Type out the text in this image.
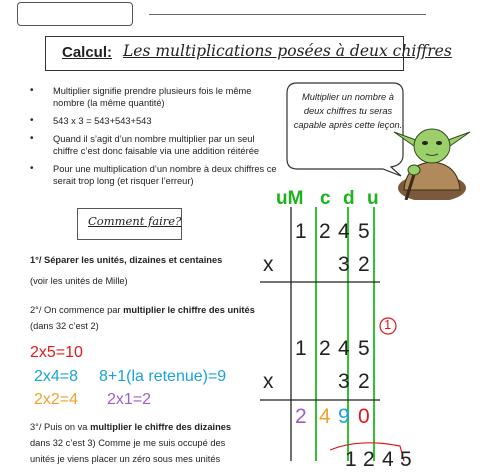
Calcul: Les multiplications posées à deux chiffres
• Multiplier signifie prendre plusieurs fois le même nombre (la même quantité)
• 543 x 3 = 543+543+543
• Quand il s’agit d’un nombre multiplier par un seul chiffre c’est donc faisable via une addition réitérée
• Pour une multiplication d’un nombre à deux chiffres ce serait trop long (et risquer l’erreur)
Multiplier un nombre à deux chiffres tu seras capable après cette leçon.
Comment faire?
1°/ Séparer les unités, dizaines et centaines
(voir les unités de Mille)
2°/ On commence par multiplier le chiffre des unités
(dans 32 c’est 2)
2x5=10
2x4=8 8+1(la retenue)=9
2x2=4 2x1=2
3°/ Puis on va multiplier le chiffre des dizaines
dans 32 c’est 3) Comme je me suis occupé des
unités je viens placer un zéro sous mes unités
uM c d u
1 2 4 5
x	3 2
1
1 2 4 5
x	3 2
2 4 9 0
1 2 4 5
